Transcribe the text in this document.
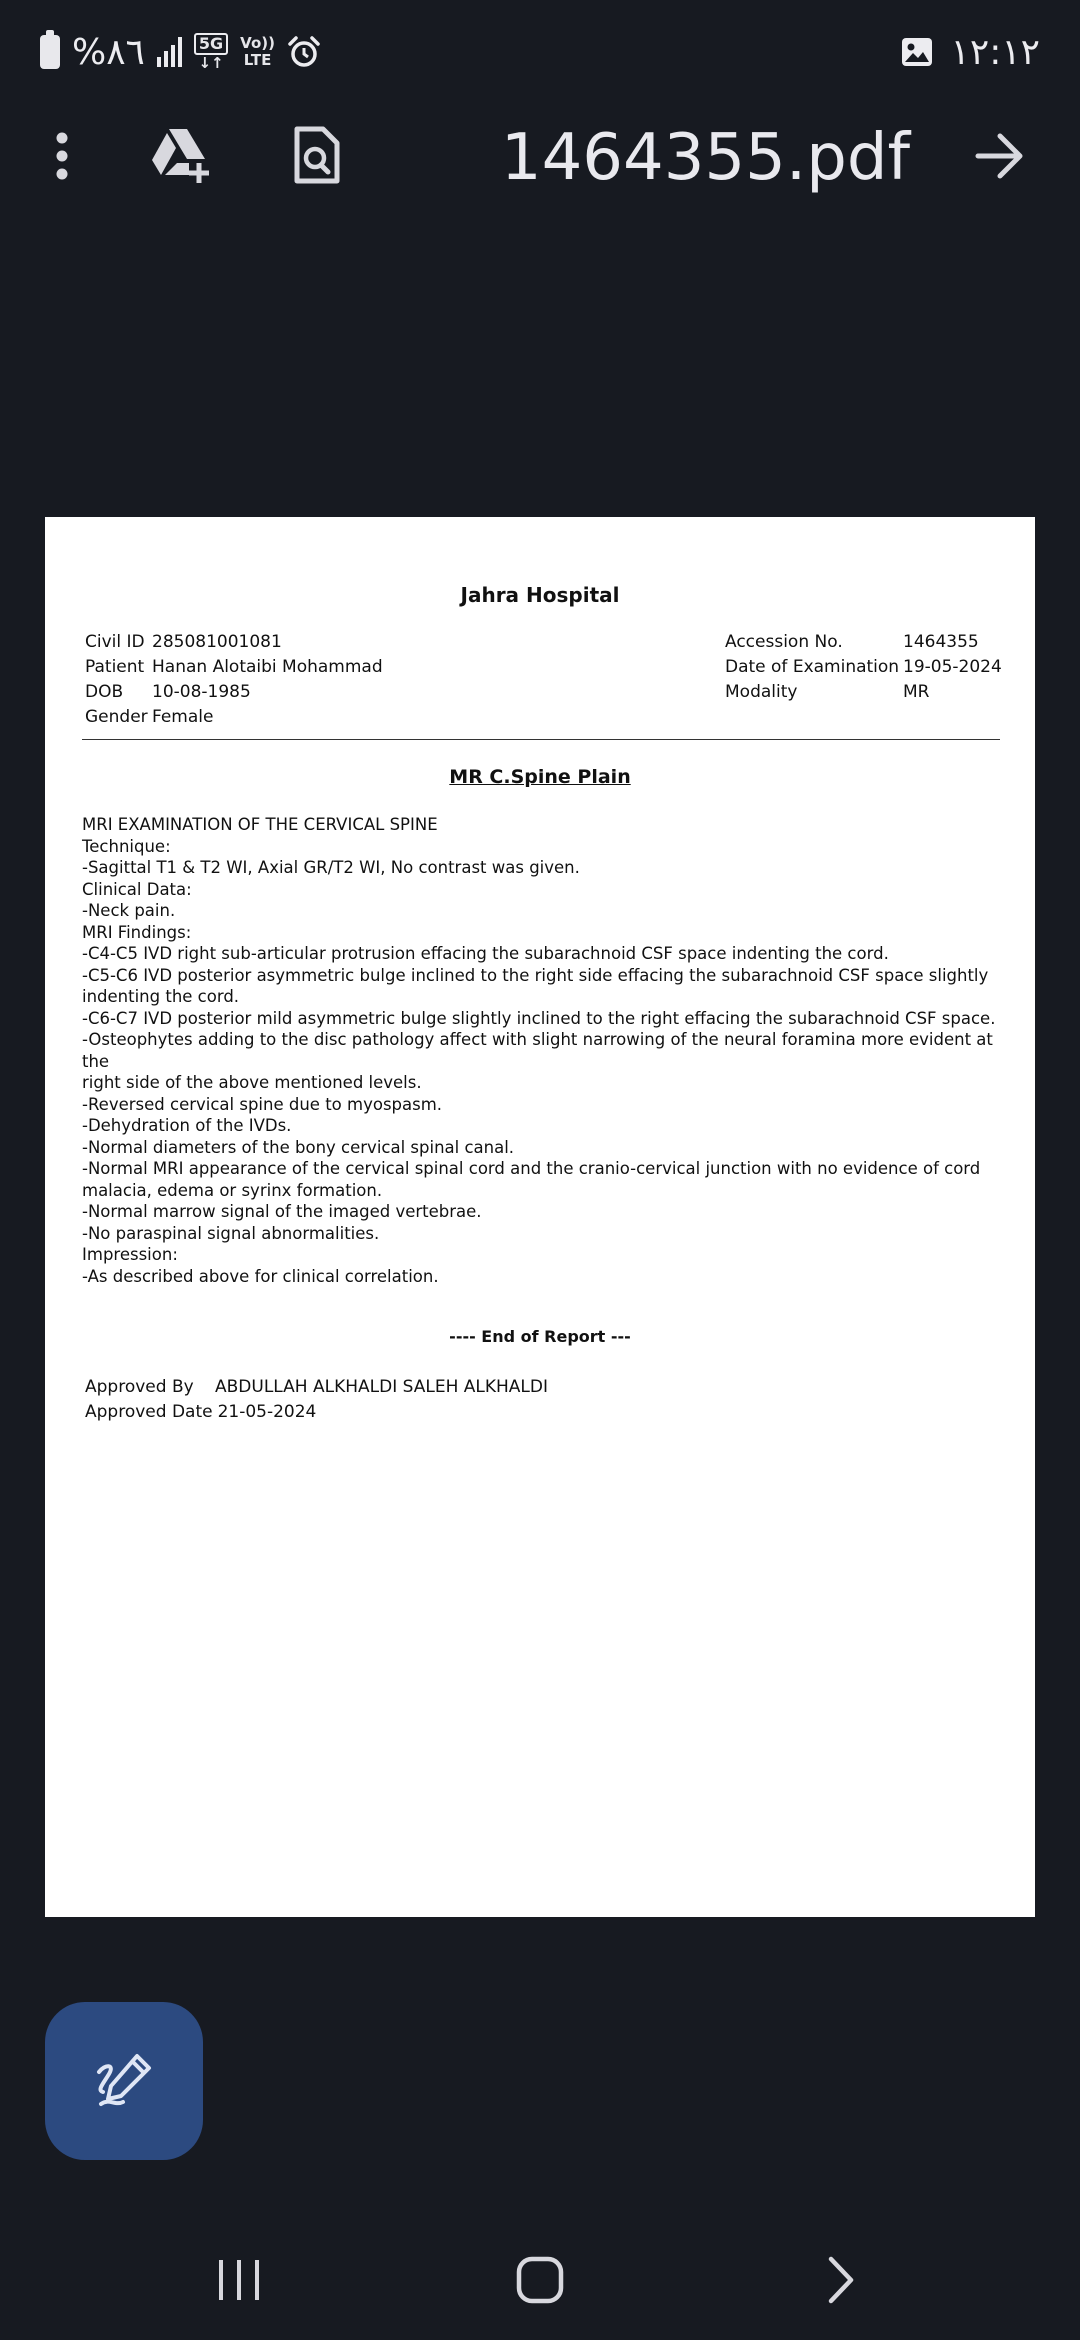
%٨٦	5G
↓↑
Vo))
LTE	١٢:١٢
1464355.pdf
Jahra Hospital
Civil ID 285081001081
Patient Hanan Alotaibi Mohammad
DOB	10-08-1985
Gender Female
Accession No.	1464355
Date of Examination 19-05-2024
Modality	MR
MR C.Spine Plain
MRI EXAMINATION OF THE CERVICAL SPINE
Technique:
-Sagittal T1 & T2 WI, Axial GR/T2 WI, No contrast was given.
Clinical Data:
-Neck pain.
MRI Findings:
-C4-C5 IVD right sub-articular protrusion effacing the subarachnoid CSF space indenting the cord.
-C5-C6 IVD posterior asymmetric bulge inclined to the right side effacing the subarachnoid CSF space slightly
indenting the cord.
-C6-C7 IVD posterior mild asymmetric bulge slightly inclined to the right effacing the subarachnoid CSF space.
-Osteophytes adding to the disc pathology affect with slight narrowing of the neural foramina more evident at the
right side of the above mentioned levels.
-Reversed cervical spine due to myospasm.
-Dehydration of the IVDs.
-Normal diameters of the bony cervical spinal canal.
-Normal MRI appearance of the cervical spinal cord and the cranio-cervical junction with no evidence of cord
malacia, edema or syrinx formation.
-Normal marrow signal of the imaged vertebrae.
-No paraspinal signal abnormalities.
Impression:
-As described above for clinical correlation.
---- End of Report ---
Approved By	ABDULLAH ALKHALDI SALEH ALKHALDI
Approved Date 21-05-2024
